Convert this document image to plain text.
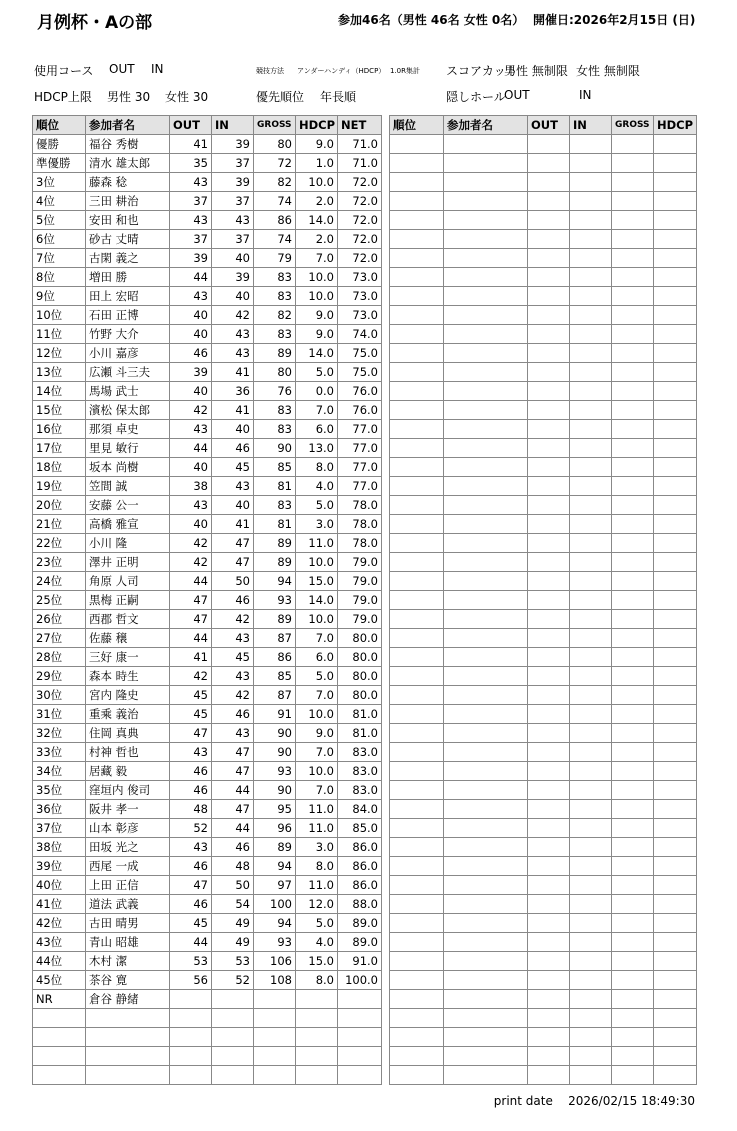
月例杯・Aの部	参加46名（男性 46名 女性 0名） 開催日:2026年2月15日 (日)
使用コース OUT IN	競技方法 アンダーハンディ（HDCP） 1.0R集計 スコアカット
男性 無制限 女性 無制限
HDCP上限 男性 30 女性 30	優先順位 年長順	隠しホール
OUT	IN
順位	参加者名	OUT	IN	GROSS	HDCP	NET
優勝	福谷 秀樹	41	39	80	9.0	71.0
準優勝	清水 雄太郎	35	37	72	1.0	71.0
3位	藤森 稔	43	39	82	10.0	72.0
4位	三田 耕治	37	37	74	2.0	72.0
5位	安田 和也	43	43	86	14.0	72.0
6位	砂古 丈晴	37	37	74	2.0	72.0
7位	古閑 義之	39	40	79	7.0	72.0
8位	増田 勝	44	39	83	10.0	73.0
9位	田上 宏昭	43	40	83	10.0	73.0
10位	石田 正博	40	42	82	9.0	73.0
11位	竹野 大介	40	43	83	9.0	74.0
12位	小川 嘉彦	46	43	89	14.0	75.0
13位	広瀬 斗三夫	39	41	80	5.0	75.0
14位	馬場 武士	40	36	76	0.0	76.0
15位	濱松 保太郎	42	41	83	7.0	76.0
16位	那須 卓史	43	40	83	6.0	77.0
17位	里見 敏行	44	46	90	13.0	77.0
18位	坂本 尚樹	40	45	85	8.0	77.0
19位	笠間 誠	38	43	81	4.0	77.0
20位	安藤 公一	43	40	83	5.0	78.0
21位	高橋 雅宣	40	41	81	3.0	78.0
22位	小川 隆	42	47	89	11.0	78.0
23位	澤井 正明	42	47	89	10.0	79.0
24位	角原 人司	44	50	94	15.0	79.0
25位	黒梅 正嗣	47	46	93	14.0	79.0
26位	西郡 哲文	47	42	89	10.0	79.0
27位	佐藤 穣	44	43	87	7.0	80.0
28位	三好 康一	41	45	86	6.0	80.0
29位	森本 時生	42	43	85	5.0	80.0
30位	宮内 隆史	45	42	87	7.0	80.0
31位	重乘 義治	45	46	91	10.0	81.0
32位	住岡 真典	47	43	90	9.0	81.0
33位	村神 哲也	43	47	90	7.0	83.0
34位	居藏 毅	46	47	93	10.0	83.0
35位	窪垣内 俊司	46	44	90	7.0	83.0
36位	阪井 孝一	48	47	95	11.0	84.0
37位	山本 彰彦	52	44	96	11.0	85.0
38位	田坂 光之	43	46	89	3.0	86.0
39位	西尾 一成	46	48	94	8.0	86.0
40位	上田 正信	47	50	97	11.0	86.0
41位	道法 武義	46	54	100	12.0	88.0
42位	古田 晴男	45	49	94	5.0	89.0
43位	青山 昭雄	44	49	93	4.0	89.0
44位	木村 潔	53	53	106	15.0	91.0
45位	茶谷 寛	56	52	108	8.0	100.0
NR	倉谷 静緒					

順位	参加者名	OUT	IN	GROSS	HDCP

print date 2026/02/15 18:49:30
